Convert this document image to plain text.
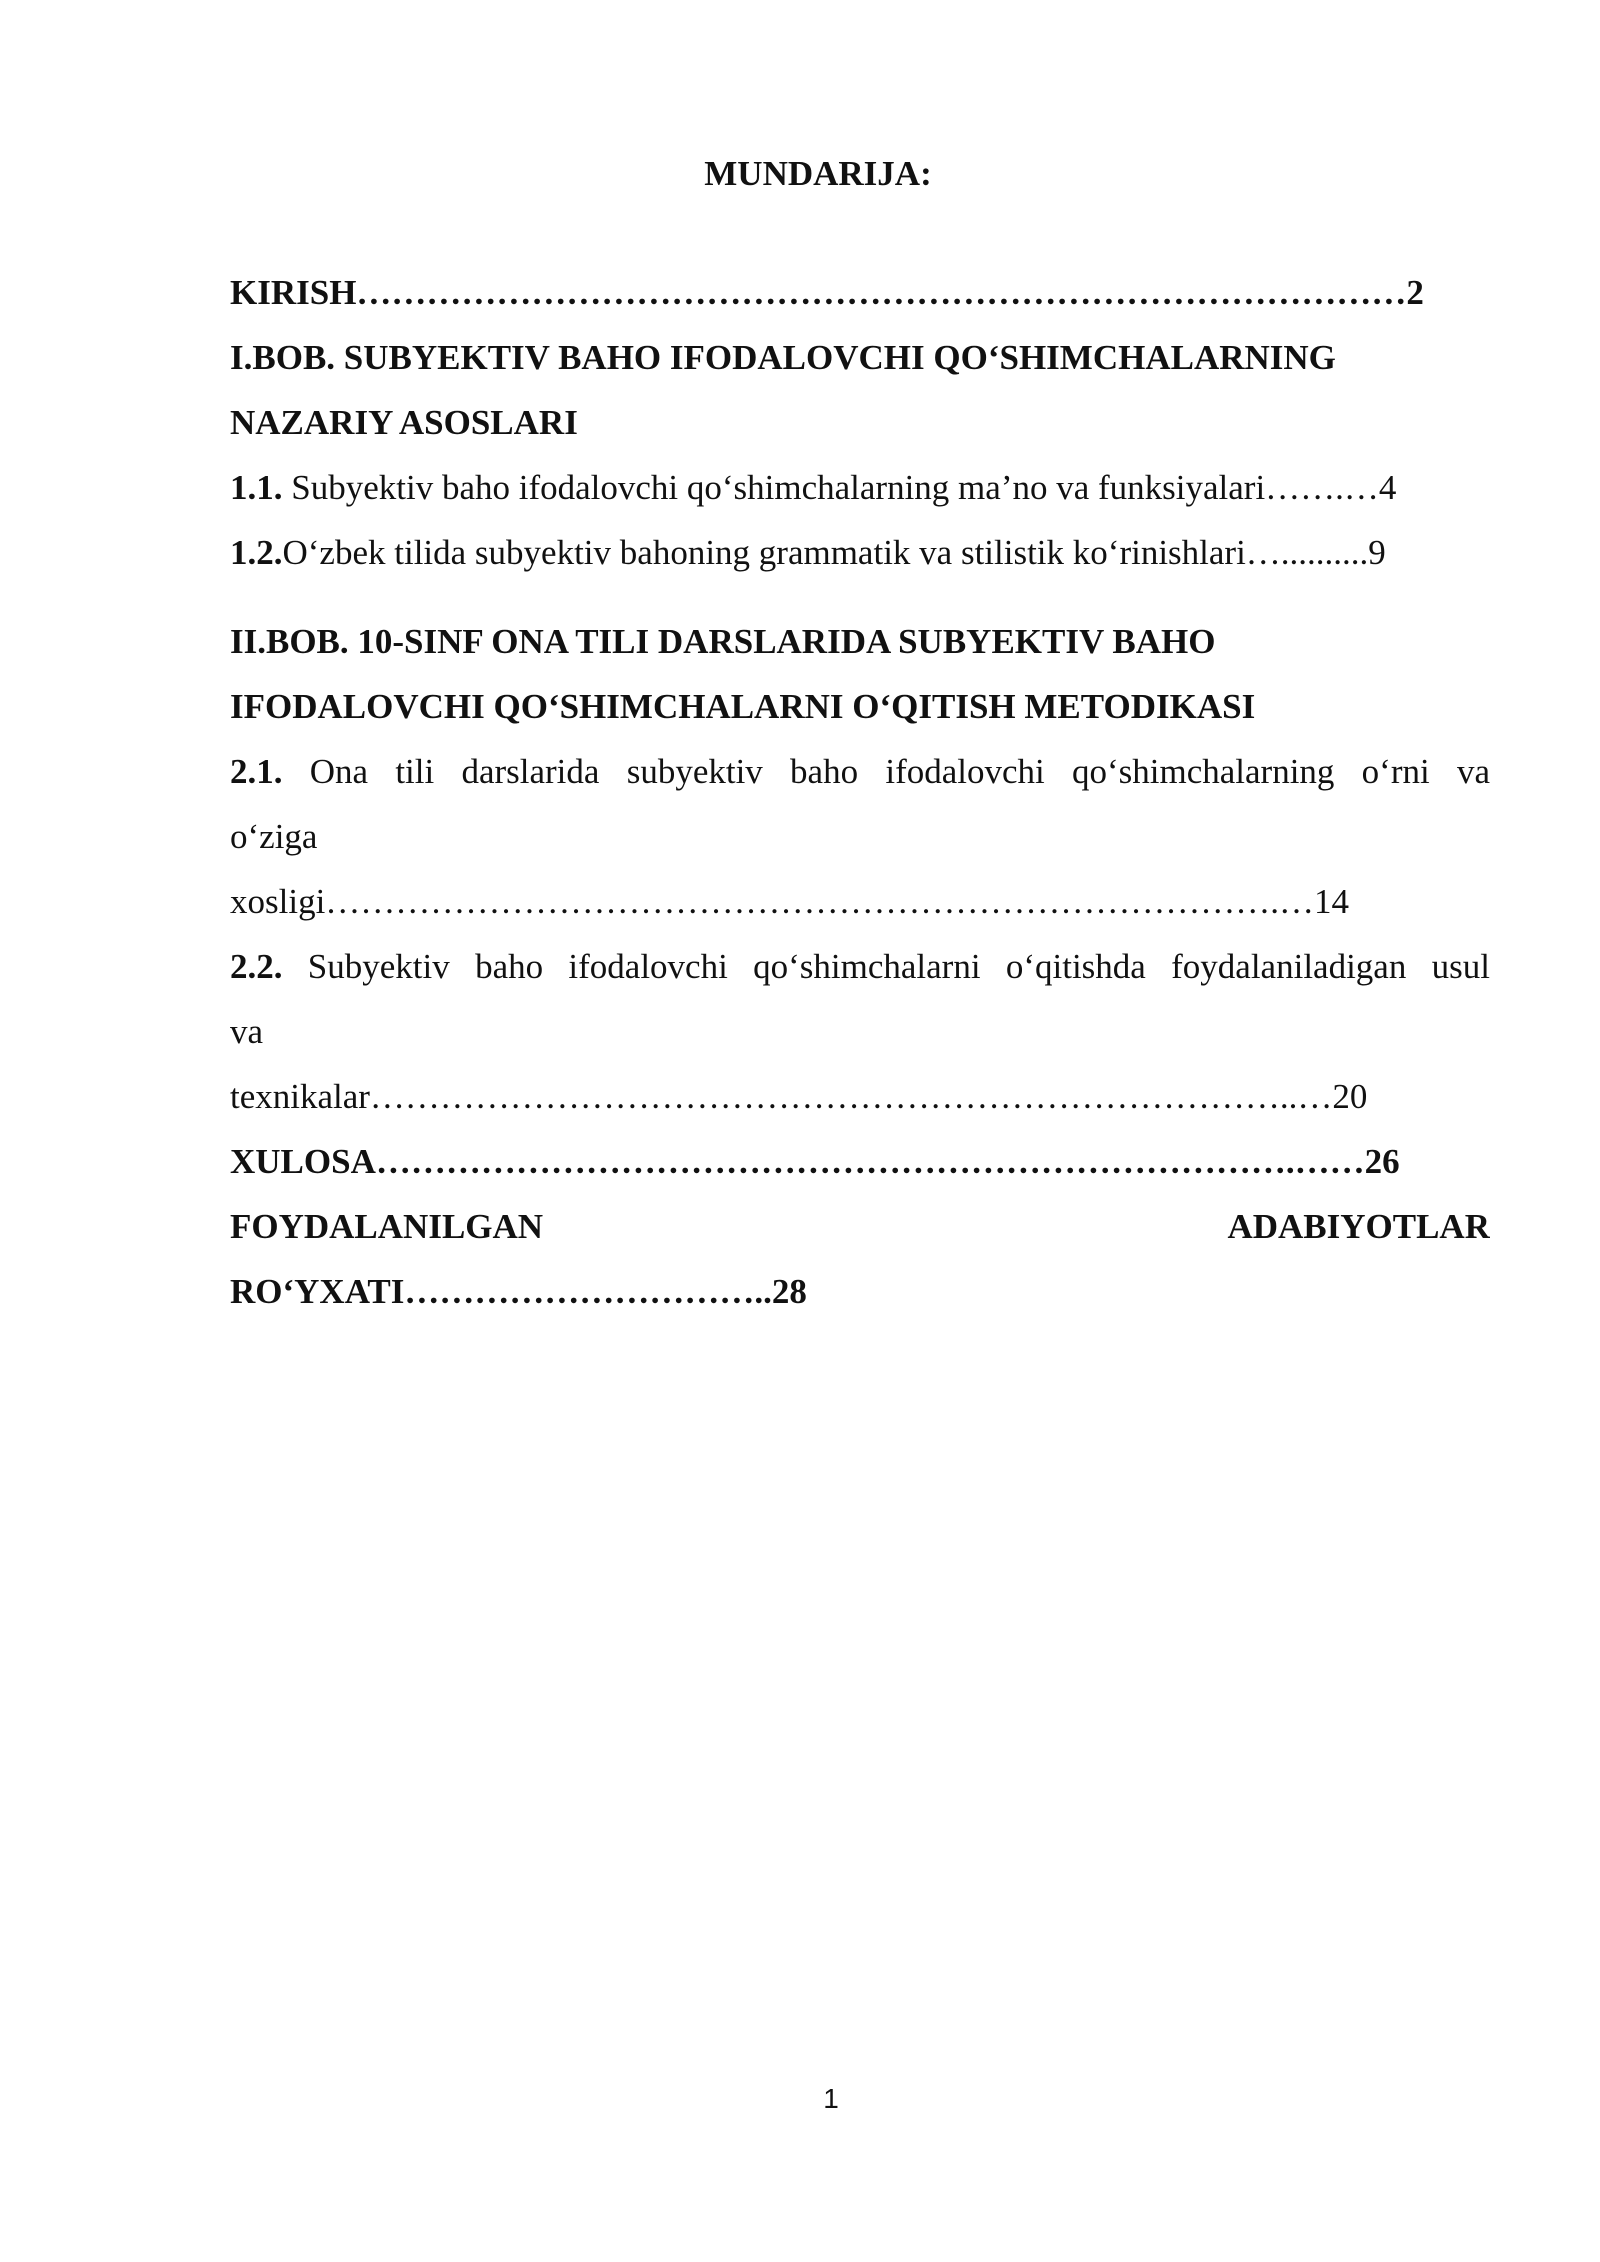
MUNDARIJA:
KIRISH………………………………………………………………………………2
I.BOB. SUBYEKTIV BAHO IFODALOVCHI QO‘SHIMCHALARNING
NAZARIY ASOSLARI
1.1. Subyektiv baho ifodalovchi qo‘shimchalarning ma’no va funksiyalari…….…4
1.2.O‘zbek tilida subyektiv bahoning grammatik va stilistik ko‘rinishlari…..........9
II.BOB. 10-SINF ONA TILI DARSLARIDA SUBYEKTIV BAHO
IFODALOVCHI QO‘SHIMCHALARNI O‘QITISH METODIKASI
2.1. Ona tili darslarida subyektiv baho ifodalovchi qo‘shimchalarning o‘rni va
o‘ziga
xosligi……………………………………………………………………….…14
2.2. Subyektiv baho ifodalovchi qo‘shimchalarni o‘qitishda foydalaniladigan usul
va
texnikalar……………………………………………………………………..…20
XULOSA…………………………………………………………………….……26
FOYDALANILGAN	ADABIYOTLAR
RO‘YXATI…………………………..28
1
